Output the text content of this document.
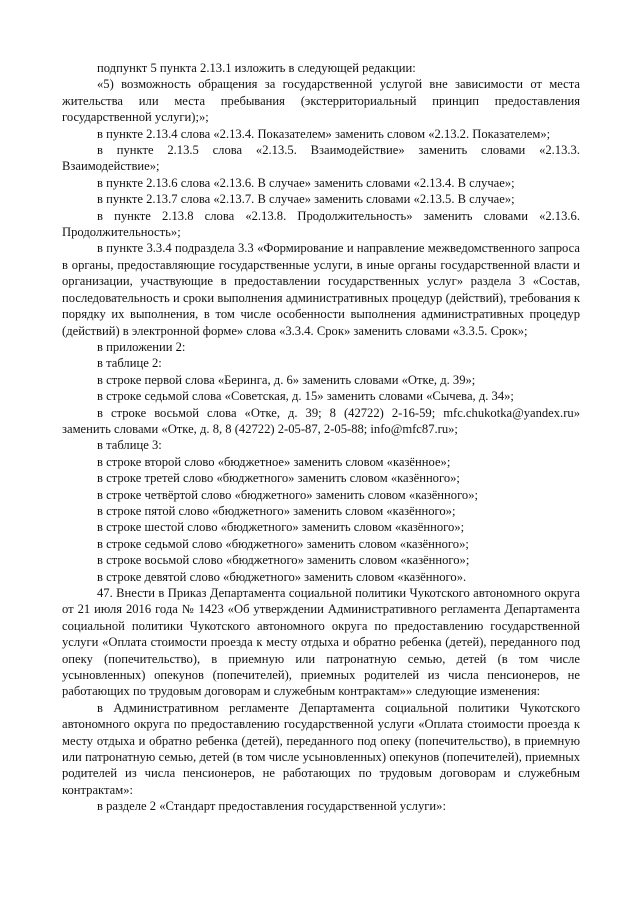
подпункт 5 пункта 2.13.1 изложить в следующей редакции:

«5) возможность обращения за государственной услугой вне зависимости от места жительства или места пребывания (экстерриториальный принцип предоставления государственной услуги);»;

в пункте 2.13.4 слова «2.13.4. Показателем» заменить словом «2.13.2. Показателем»;

в пункте 2.13.5 слова «2.13.5. Взаимодействие» заменить словами «2.13.3. Взаимодействие»;

в пункте 2.13.6 слова «2.13.6. В случае» заменить словами «2.13.4. В случае»;

в пункте 2.13.7 слова «2.13.7. В случае» заменить словами «2.13.5. В случае»;

в пункте 2.13.8 слова «2.13.8. Продолжительность» заменить словами «2.13.6. Продолжительность»;

в пункте 3.3.4 подраздела 3.3 «Формирование и направление межведомственного запроса в органы, предоставляющие государственные услуги, в иные органы государственной власти и организации, участвующие в предоставлении государственных услуг» раздела 3 «Состав, последовательность и сроки выполнения административных процедур (действий), требования к порядку их выполнения, в том числе особенности выполнения административных процедур (действий) в электронной форме» слова «3.3.4. Срок» заменить словами «3.3.5. Срок»;

в приложении 2:

в таблице 2:

в строке первой слова «Беринга, д. 6» заменить словами «Отке, д. 39»;

в строке седьмой слова «Советская, д. 15» заменить словами «Сычева, д. 34»;

в строке восьмой слова «Отке, д. 39; 8 (42722) 2-16-59; mfc.chukotka@yandex.ru» заменить словами «Отке, д. 8, 8 (42722) 2-05-87, 2-05-88; info@mfc87.ru»;

в таблице 3:

в строке второй слово «бюджетное» заменить словом «казённое»;

в строке третей слово «бюджетного» заменить словом «казённого»;

в строке четвёртой слово «бюджетного» заменить словом «казённого»;

в строке пятой слово «бюджетного» заменить словом «казённого»;

в строке шестой слово «бюджетного» заменить словом «казённого»;

в строке седьмой слово «бюджетного» заменить словом «казённого»;

в строке восьмой слово «бюджетного» заменить словом «казённого»;

в строке девятой слово «бюджетного» заменить словом «казённого».

47. Внести в Приказ Департамента социальной политики Чукотского автономного округа от 21 июля 2016 года № 1423 «Об утверждении Административного регламента Департамента социальной политики Чукотского автономного округа по предоставлению государственной услуги «Оплата стоимости проезда к месту отдыха и обратно ребенка (детей), переданного под опеку (попечительство), в приемную или патронатную семью, детей (в том числе усыновленных) опекунов (попечителей), приемных родителей из числа пенсионеров, не работающих по трудовым договорам и служебным контрактам»» следующие изменения:

в Административном регламенте Департамента социальной политики Чукотского автономного округа по предоставлению государственной услуги «Оплата стоимости проезда к месту отдыха и обратно ребенка (детей), переданного под опеку (попечительство), в приемную или патронатную семью, детей (в том числе усыновленных) опекунов (попечителей), приемных родителей из числа пенсионеров, не работающих по трудовым договорам и служебным контрактам»:

в разделе 2 «Стандарт предоставления государственной услуги»:
